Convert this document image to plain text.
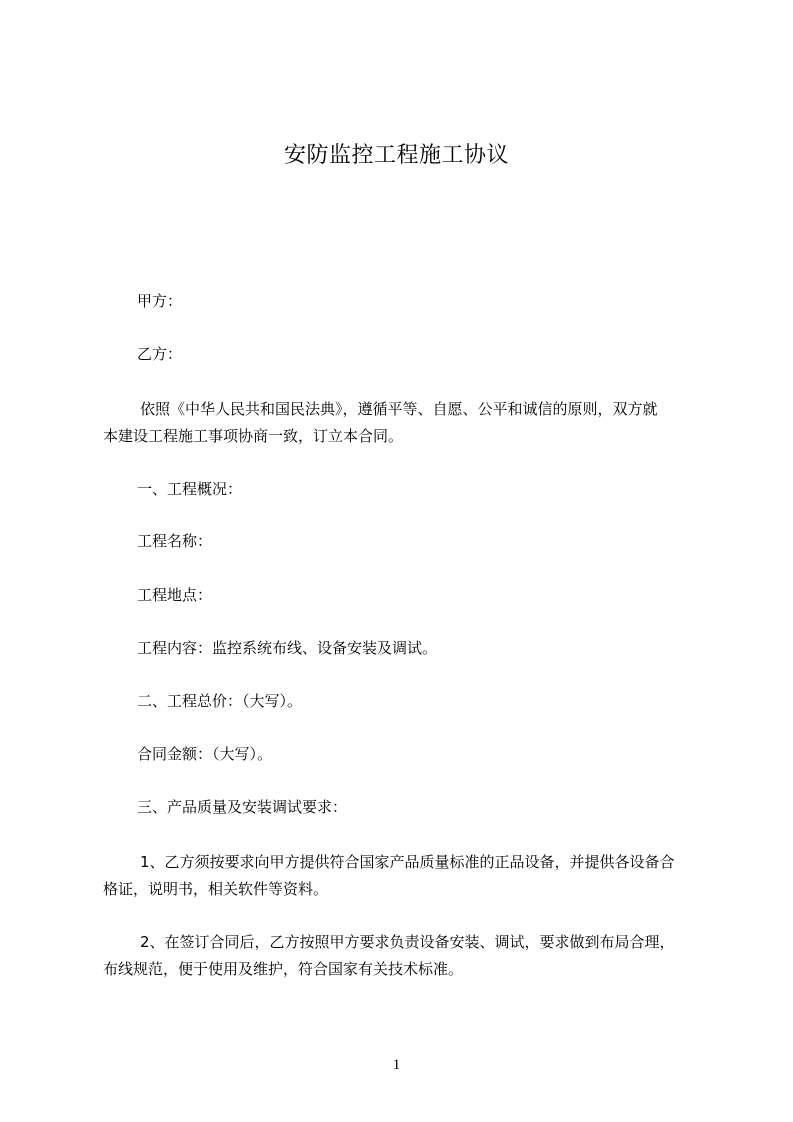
安防监控工程施工协议
甲方：
乙方：
依照《中华人民共和国民法典》，遵循平等、自愿、公平和诚信的原则，双方就
本建设工程施工事项协商一致，订立本合同。
一、工程概况：
工程名称：
工程地点：
工程内容：监控系统布线、设备安装及调试。
二、工程总价：（大写）。
合同金额：（大写）。
三、产品质量及安装调试要求：
1、乙方须按要求向甲方提供符合国家产品质量标准的正品设备，并提供各设备合
格证，说明书，相关软件等资料。
2、在签订合同后，乙方按照甲方要求负责设备安装、调试，要求做到布局合理，
布线规范，便于使用及维护，符合国家有关技术标准。
1
